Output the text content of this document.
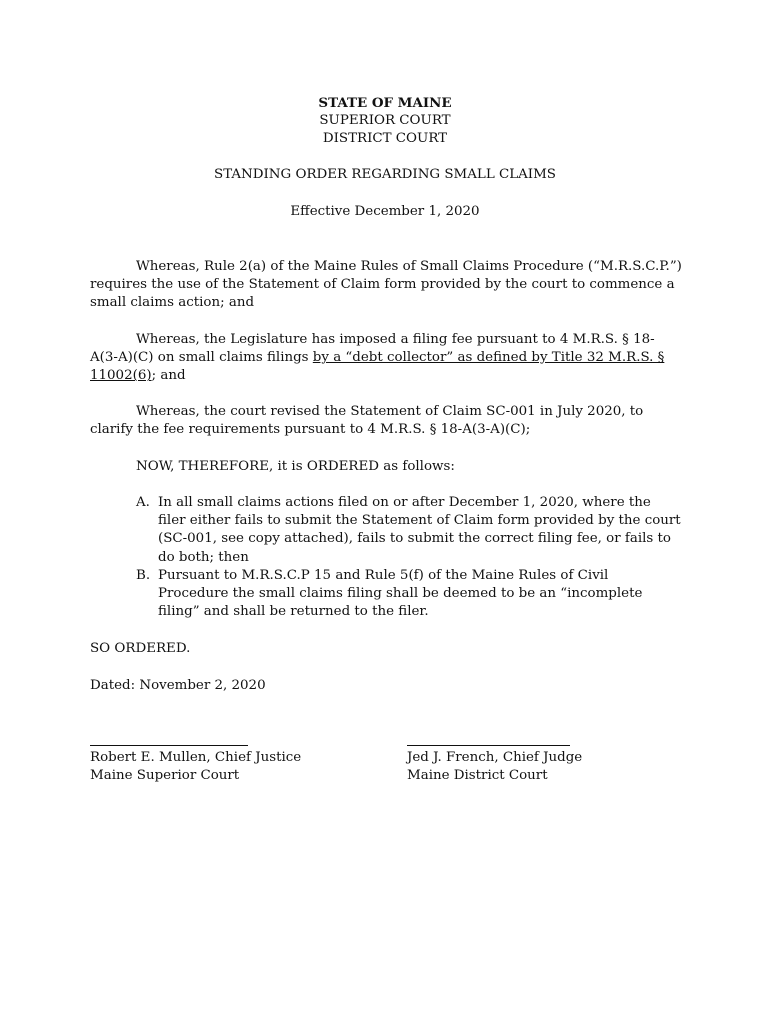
STATE OF MAINE
SUPERIOR COURT
DISTRICT COURT
STANDING ORDER REGARDING SMALL CLAIMS
Effective December 1, 2020

Whereas, Rule 2(a) of the Maine Rules of Small Claims Procedure (“M.R.S.C.P.”) requires the use of the Statement of Claim form provided by the court to commence a small claims action; and

Whereas, the Legislature has imposed a filing fee pursuant to 4 M.R.S. § 18-A(3-A)(C) on small claims filings by a “debt collector” as defined by Title 32 M.R.S. § 11002(6); and

Whereas, the court revised the Statement of Claim SC-001 in July 2020, to clarify the fee requirements pursuant to 4 M.R.S. § 18-A(3-A)(C);

NOW, THEREFORE, it is ORDERED as follows:

A. In all small claims actions filed on or after December 1, 2020, where the filer either fails to submit the Statement of Claim form provided by the court (SC-001, see copy attached), fails to submit the correct filing fee, or fails to do both; then
B. Pursuant to M.R.S.C.P 15 and Rule 5(f) of the Maine Rules of Civil Procedure the small claims filing shall be deemed to be an “incomplete filing” and shall be returned to the filer.

SO ORDERED.

Dated: November 2, 2020

Robert E. Mullen, Chief Justice
Maine Superior Court
Jed J. French, Chief Judge
Maine District Court
